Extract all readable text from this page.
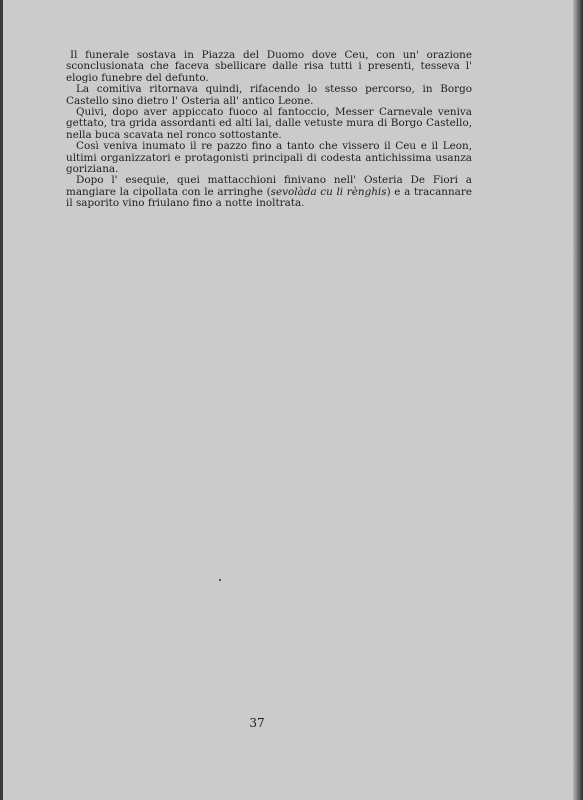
Il funerale sostava in Piazza del Duomo dove Ceu, con un' orazione sconclusionata che faceva sbellicare dalle risa tutti i presenti, tesseva l' elogio funebre del defunto.

La comitiva ritornava quindi, rifacendo lo stesso percorso, in Borgo Castello sino dietro l' Osteria all' antico Leone.

Quivi, dopo aver appiccato fuoco al fantoccio, Messer Carnevale veniva gettato, tra grida assordanti ed alti lai, dalle vetuste mura di Borgo Castello, nella buca scavata nel ronco sottostante.

Così veniva inumato il re pazzo fino a tanto che vissero il Ceu e il Leon, ultimi organizzatori e protagonisti principali di codesta antichissima usanza goriziana.

Dopo l' esequie, quei mattacchioni finivano nell' Osteria De Fiori a mangiare la cipollata con le arringhe (sevolàda cu li rènghis) e a tracannare il saporito vino friulano fino a notte inoltrata.

37
